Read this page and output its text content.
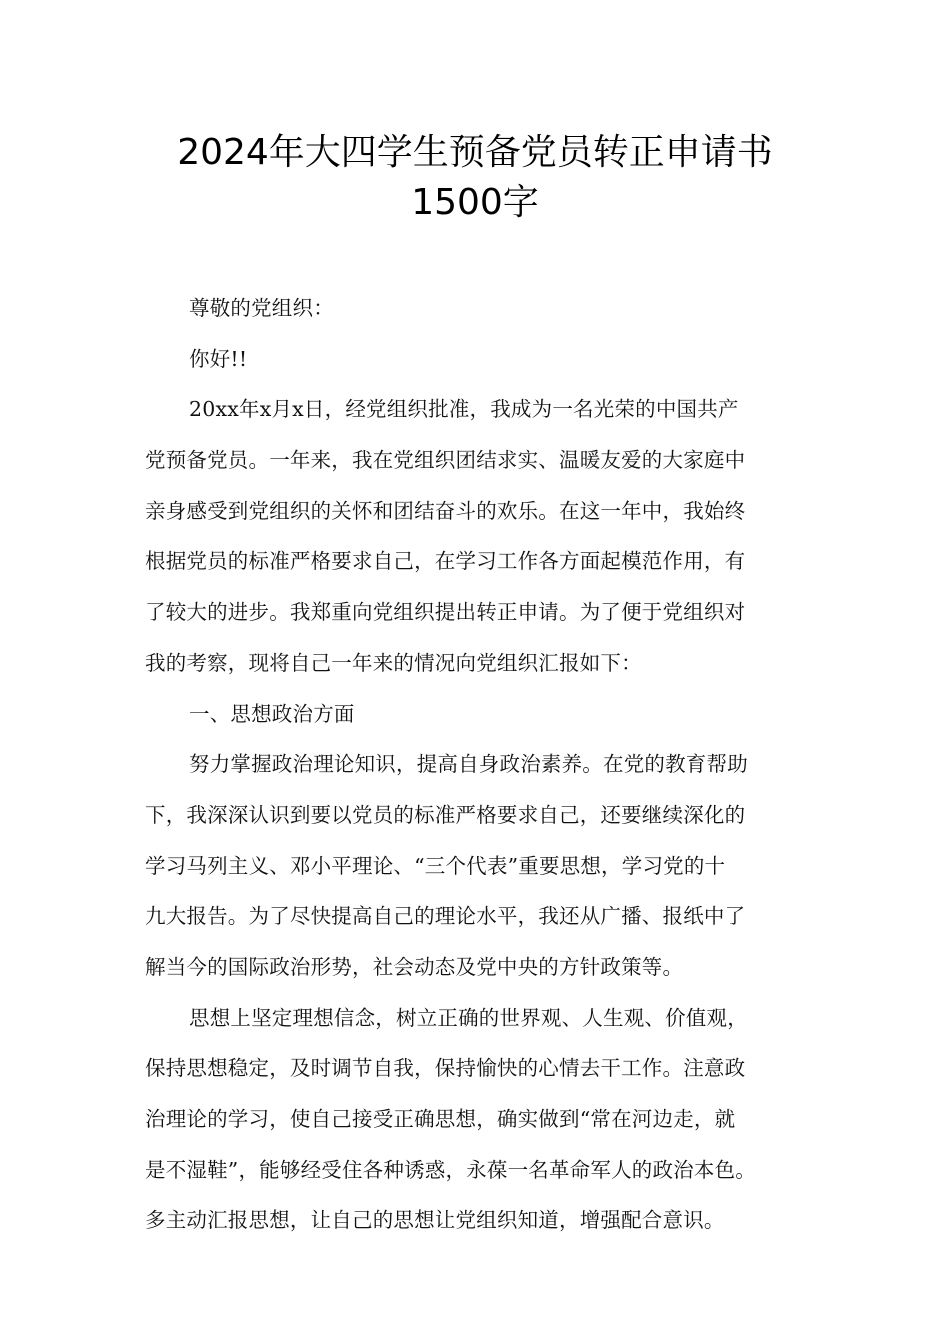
2024年大四学生预备党员转正申请书
1500字

尊敬的党组织：

你好!!

20xx年x月x日，经党组织批准，我成为一名光荣的中国共产

党预备党员。一年来，我在党组织团结求实、温暖友爱的大家庭中

亲身感受到党组织的关怀和团结奋斗的欢乐。在这一年中，我始终

根据党员的标准严格要求自己，在学习工作各方面起模范作用，有

了较大的进步。我郑重向党组织提出转正申请。为了便于党组织对

我的考察，现将自己一年来的情况向党组织汇报如下：

一、思想政治方面

努力掌握政治理论知识，提高自身政治素养。在党的教育帮助

下，我深深认识到要以党员的标准严格要求自己，还要继续深化的

学习马列主义、邓小平理论、“三个代表”重要思想，学习党的十

九大报告。为了尽快提高自己的理论水平，我还从广播、报纸中了

解当今的国际政治形势，社会动态及党中央的方针政策等。

思想上坚定理想信念，树立正确的世界观、人生观、价值观，

保持思想稳定，及时调节自我，保持愉快的心情去干工作。注意政

治理论的学习，使自己接受正确思想，确实做到“常在河边走，就

是不湿鞋”，能够经受住各种诱惑，永葆一名革命军人的政治本色。

多主动汇报思想，让自己的思想让党组织知道，增强配合意识。
